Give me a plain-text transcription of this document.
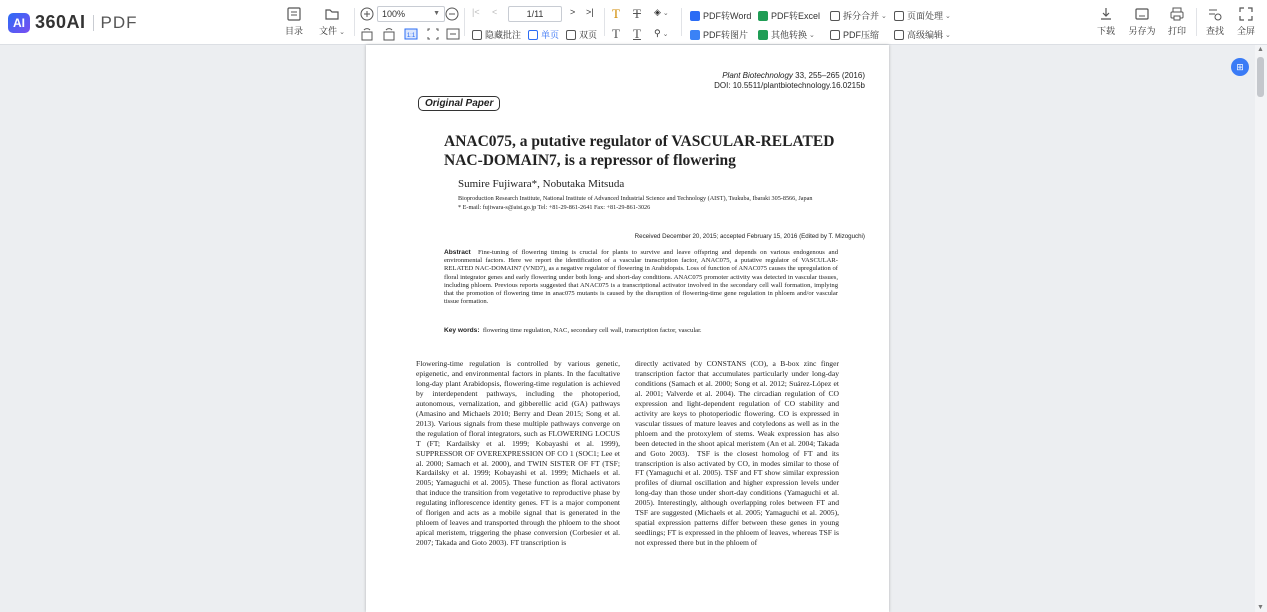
AI 360AI PDF	目录	文件 ⌄
100%	▼
1:1
|< <	1/11	> >|
隐藏批注 单页 双页
T T ◈ ⌄
T T ⚲ ⌄
PDF转Word PDF转Excel
PDF转图片	其他转换 ⌄
拆分合并 ⌄ 页面处理 ⌄
PDF压缩	高级编辑 ⌄	下载	另存为	打印	查找	全屏
Plant Biotechnology 33, 255–265 (2016)
DOI: 10.5511/plantbiotechnology.16.0215b
Original Paper
ANAC075, a putative regulator of VASCULAR-RELATED
NAC-DOMAIN7, is a repressor of flowering
Sumire Fujiwara*, Nobutaka Mitsuda
Bioproduction Research Institute, National Institute of Advanced Industrial Science and Technology (AIST), Tsukuba, Ibaraki 305-8566, Japan
* E-mail: fujiwara-s@aist.go.jp Tel: +81-29-861-2641 Fax: +81-29-861-3026
Received December 20, 2015; accepted February 15, 2016 (Edited by T. Mizoguchi)
Abstract Fine-tuning of flowering timing is crucial for plants to survive and leave offspring and depends on various endogenous and environmental factors. Here we report the identification of a vascular transcription factor, ANAC075, a putative regulator of VASCULAR-RELATED NAC-DOMAIN7 (VND7), as a negative regulator of flowering in Arabidopsis. Loss of function of ANAC075 causes the upregulation of floral integrator genes and early flowering under both long- and short-day conditions. ANAC075 promoter activity was detected in vascular tissues, including phloem. Previous reports suggested that ANAC075 is a transcriptional activator involved in the secondary cell wall formation, implying that the promotion of flowering time in anac075 mutants is caused by the disruption of flowering-time gene regulation in phloem and/or vascular tissue formation.
Key words: flowering time regulation, NAC, secondary cell wall, transcription factor, vascular.
Flowering-time regulation is controlled by various genetic, epigenetic, and environmental factors in plants. In the facultative long-day plant Arabidopsis, flowering-time regulation is achieved by interdependent pathways, including the photoperiod, autonomous, vernalization, and gibberellic acid (GA) pathways (Amasino and Michaels 2010; Berry and Dean 2015; Song et al. 2013). Various signals from these multiple pathways converge on the regulation of floral integrators, such as FLOWERING LOCUS T (FT; Kardailsky et al. 1999; Kobayashi et al. 1999), SUPPRESSOR OF OVEREXPRESSION OF CO 1 (SOC1; Lee et al. 2000; Samach et al. 2000), and TWIN SISTER OF FT (TSF; Kardailsky et al. 1999; Kobayashi et al. 1999; Michaels et al. 2005; Yamaguchi et al. 2005). These function as floral activators that induce the transition from vegetative to reproductive phase by regulating inflorescence identity genes. FT is a major component of florigen and acts as a mobile signal that is generated in the phloem of leaves and transported through the phloem to the shoot apical meristem, triggering the phase conversion (Corbesier et al. 2007; Takada and Goto 2003). FT transcription is
directly activated by CONSTANS (CO), a B-box zinc finger transcription factor that accumulates particularly under long-day conditions (Samach et al. 2000; Song et al. 2012; Suárez-López et al. 2001; Valverde et al. 2004). The circadian regulation of CO expression and light-dependent regulation of CO stability and activity are keys to photoperiodic flowering. CO is expressed in vascular tissues of mature leaves and cotyledons as well as in the phloem and the protoxylem of stems. Weak expression has also been detected in the shoot apical meristem (An et al. 2004; Takada and Goto 2003). TSF is the closest homolog of FT and its transcription is also activated by CO, in modes similar to those of FT (Yamaguchi et al. 2005). TSF and FT show similar expression profiles of diurnal oscillation and higher expression levels under long-day than those under short-day conditions (Yamaguchi et al. 2005). Interestingly, although overlapping roles between FT and TSF are suggested (Michaels et al. 2005; Yamaguchi et al. 2005), spatial expression patterns differ between these genes in young seedlings; FT is expressed in the phloem of leaves, whereas TSF is not expressed there but in the phloem of
⊞
▲
▼
